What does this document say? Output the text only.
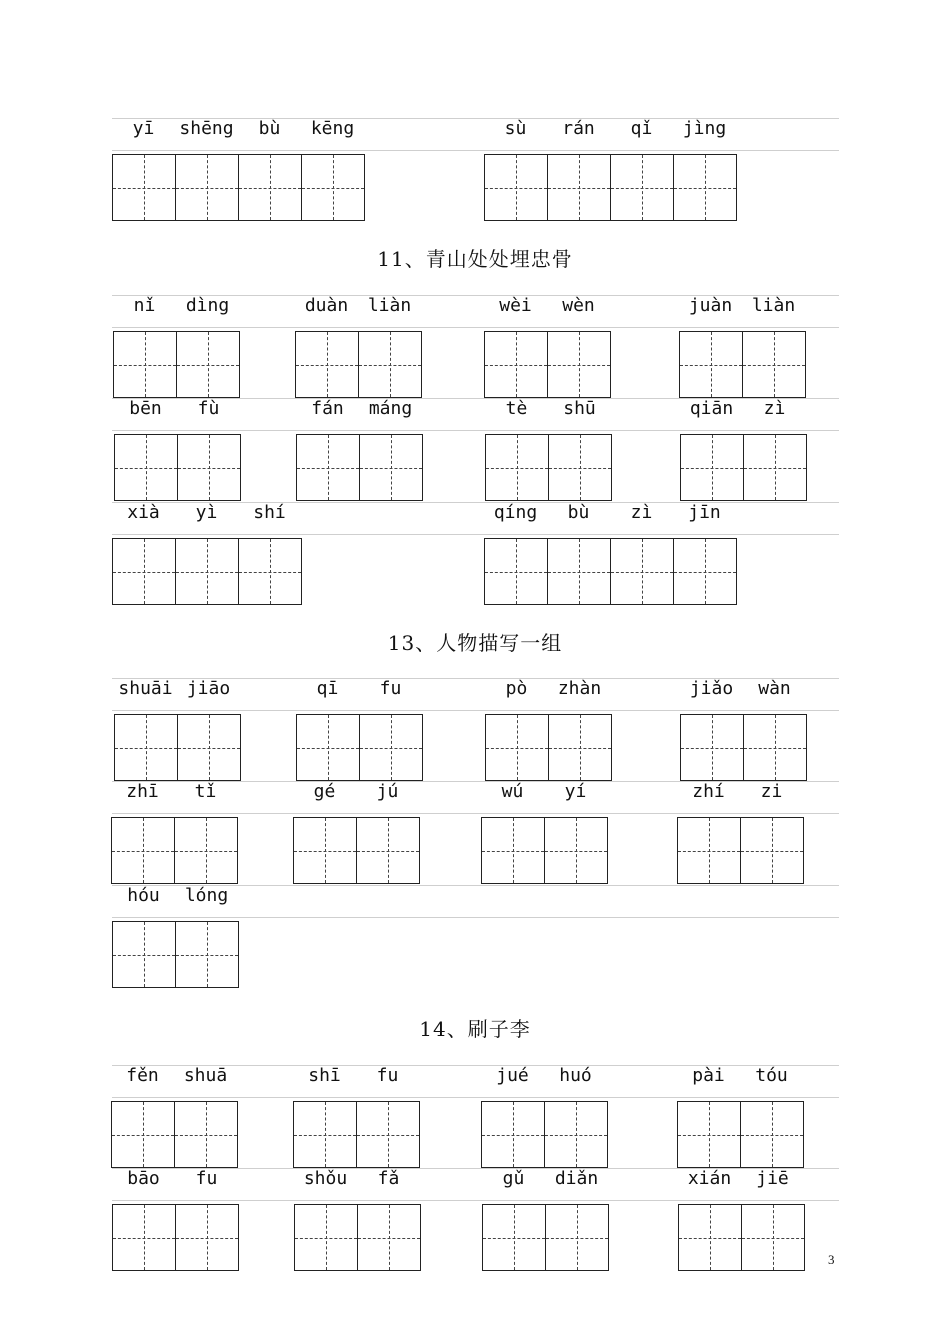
yī shēng bù kēng	sù rán qǐ jìng
nǐ dìng	duàn liàn	wèi wèn	juàn liàn
bēn fù	fán máng	tè shū	qiān zì
xià yì shí	qíng bù zì jīn
shuāi jiāo	qī fu	pò zhàn	jiǎo wàn
zhī tǐ	gé jú	wú yí	zhí zi
hóu lóng
fěn shuā	shī fu	jué huó	pài tóu
bāo fu	shǒu fǎ	gǔ diǎn	xián jiē
11、青山处处埋忠骨
13、人物描写一组
14、刷子李
3
